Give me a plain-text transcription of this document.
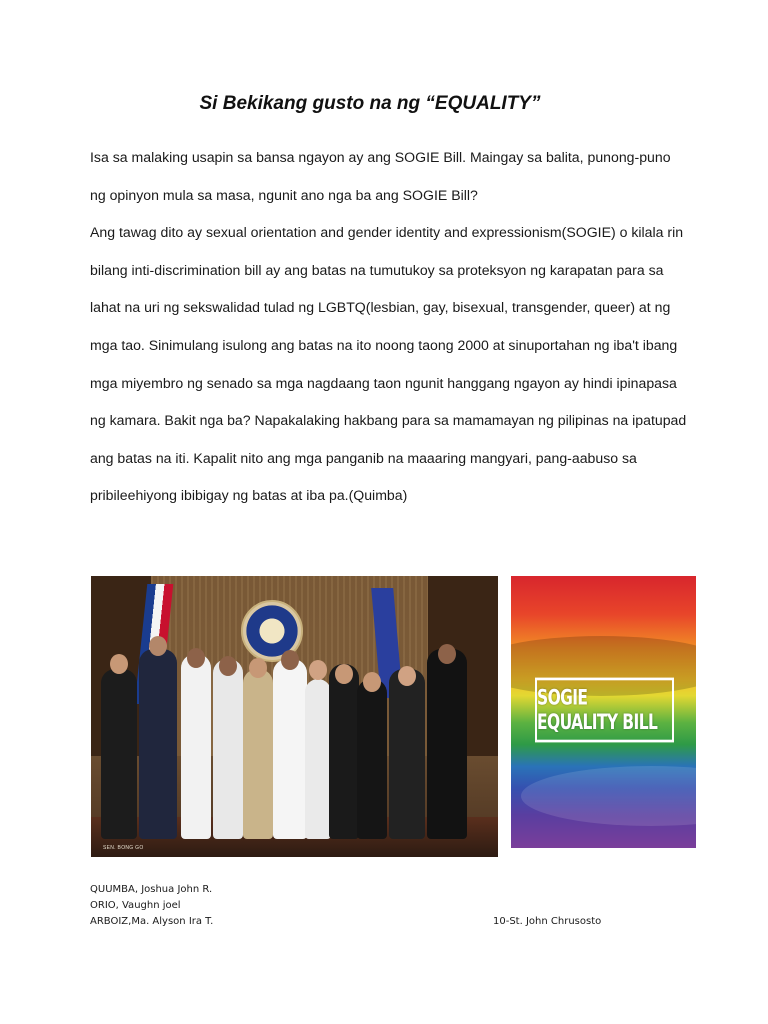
Si Bekikang gusto na ng “EQUALITY”

Isa sa malaking usapin sa bansa ngayon ay ang SOGIE Bill. Maingay sa balita, punong-puno ng opinyon mula sa masa, ngunit ano nga ba ang SOGIE Bill?

Ang tawag dito ay sexual orientation and gender identity and expressionism(SOGIE) o kilala rin bilang inti-discrimination bill ay ang batas na tumutukoy sa proteksyon ng karapatan para sa lahat na uri ng sekswalidad tulad ng LGBTQ(lesbian, gay, bisexual, transgender, queer) at ng mga tao. Sinimulang isulong ang batas na ito noong taong 2000 at sinuportahan ng iba't ibang mga miyembro ng senado sa mga nagdaang taon ngunit hanggang ngayon ay hindi ipinapasa ng kamara. Bakit nga ba? Napakalaking hakbang para sa mamamayan ng pilipinas na ipatupad ang batas na iti. Kapalit nito ang mga panganib na maaaring mangyari, pang-aabuso sa pribileehiyong ibibigay ng batas at iba pa.(Quimba)

SEN. BONG GO
SOGIE EQUALITY BILL
QUUMBA, Joshua John R.
ORIO, Vaughn joel
ARBOIZ,Ma. Alyson Ira T.	10-St. John Chrusosto
